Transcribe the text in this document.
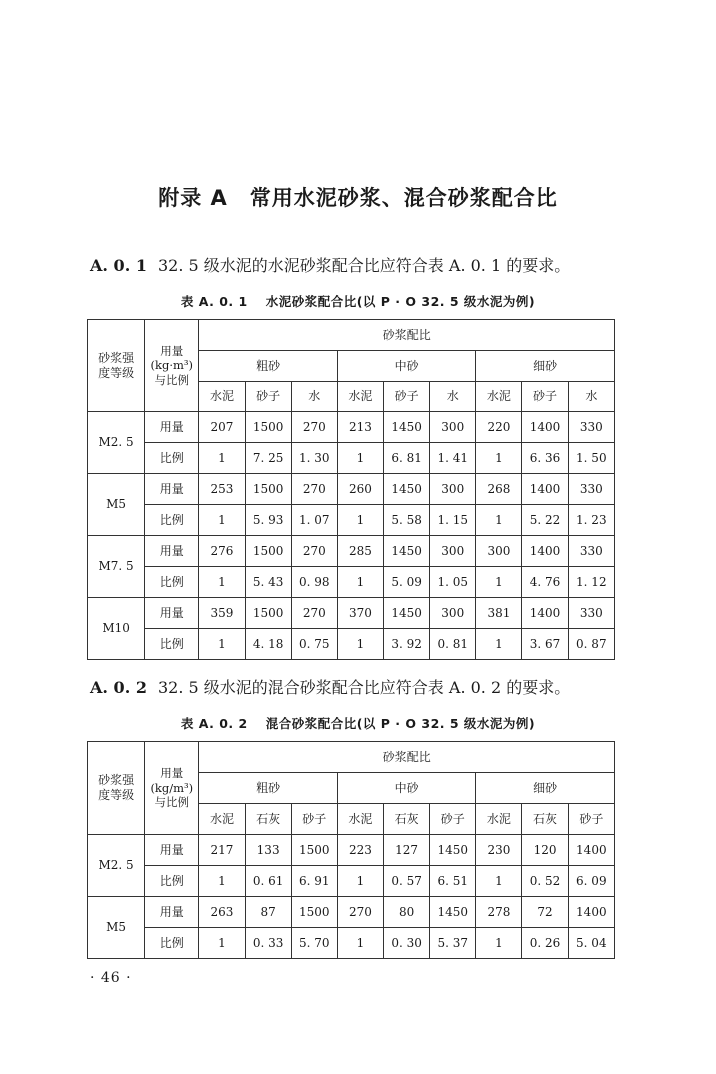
附录 A　常用水泥砂浆、混合砂浆配合比
A. 0. 1 32. 5 级水泥的水泥砂浆配合比应符合表 A. 0. 1 的要求。
表 A. 0. 1 水泥砂浆配合比(以 P · O 32. 5 级水泥为例)
砂浆强
度等级	用量
(kg·m³)
与比例	砂浆配比								
		粗砂			中砂			细砂		
		水泥	砂子	水	水泥	砂子	水	水泥	砂子	水
M2. 5	用量	207	1500	270	213	1450	300	220	1400	330
	比例	1	7. 25	1. 30	1	6. 81	1. 41	1	6. 36	1. 50
M5	用量	253	1500	270	260	1450	300	268	1400	330
	比例	1	5. 93	1. 07	1	5. 58	1. 15	1	5. 22	1. 23
M7. 5	用量	276	1500	270	285	1450	300	300	1400	330
	比例	1	5. 43	0. 98	1	5. 09	1. 05	1	4. 76	1. 12
M10	用量	359	1500	270	370	1450	300	381	1400	330
	比例	1	4. 18	0. 75	1	3. 92	0. 81	1	3. 67	0. 87
A. 0. 2 32. 5 级水泥的混合砂浆配合比应符合表 A. 0. 2 的要求。
表 A. 0. 2 混合砂浆配合比(以 P · O 32. 5 级水泥为例)
砂浆强
度等级	用量
(kg/m³)
与比例	砂浆配比								
		粗砂			中砂			细砂		
		水泥	石灰	砂子	水泥	石灰	砂子	水泥	石灰	砂子
M2. 5	用量	217	133	1500	223	127	1450	230	120	1400
	比例	1	0. 61	6. 91	1	0. 57	6. 51	1	0. 52	6. 09
M5	用量	263	87	1500	270	80	1450	278	72	1400
	比例	1	0. 33	5. 70	1	0. 30	5. 37	1	0. 26	5. 04
· 46 ·
